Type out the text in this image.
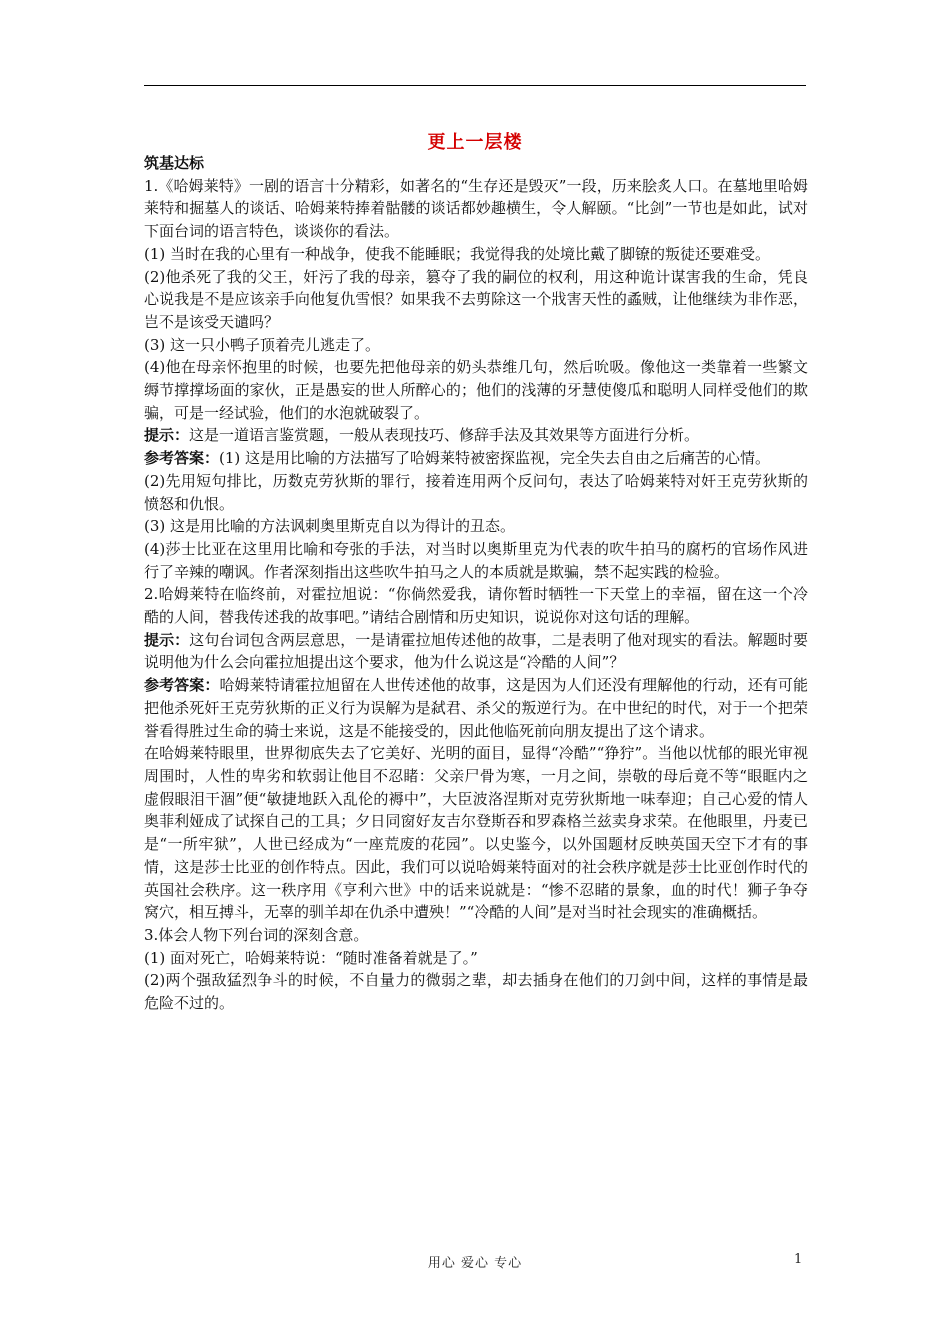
更上一层楼

筑基达标

1.《哈姆莱特》一剧的语言十分精彩，如著名的“生存还是毁灭”一段，历来脍炙人口。在墓地里哈姆莱特和掘墓人的谈话、哈姆莱特捧着骷髅的谈话都妙趣横生，令人解颐。“比剑”一节也是如此，试对下面台词的语言特色，谈谈你的看法。

(1) 当时在我的心里有一种战争，使我不能睡眠；我觉得我的处境比戴了脚镣的叛徒还要难受。

(2)他杀死了我的父王，奸污了我的母亲，篡夺了我的嗣位的权利，用这种诡计谋害我的生命，凭良心说我是不是应该亲手向他复仇雪恨？如果我不去剪除这一个戕害天性的蟊贼，让他继续为非作恶，岂不是该受天谴吗？

(3) 这一只小鸭子顶着壳儿逃走了。

(4)他在母亲怀抱里的时候，也要先把他母亲的奶头恭维几句，然后吮吸。像他这一类靠着一些繁文缛节撑撑场面的家伙，正是愚妄的世人所醉心的；他们的浅薄的牙慧使傻瓜和聪明人同样受他们的欺骗，可是一经试验，他们的水泡就破裂了。

提示：这是一道语言鉴赏题，一般从表现技巧、修辞手法及其效果等方面进行分析。

参考答案：(1) 这是用比喻的方法描写了哈姆莱特被密探监视，完全失去自由之后痛苦的心情。

(2)先用短句排比，历数克劳狄斯的罪行，接着连用两个反问句，表达了哈姆莱特对奸王克劳狄斯的愤怒和仇恨。

(3) 这是用比喻的方法讽刺奥里斯克自以为得计的丑态。

(4)莎士比亚在这里用比喻和夸张的手法，对当时以奥斯里克为代表的吹牛拍马的腐朽的官场作风进行了辛辣的嘲讽。作者深刻指出这些吹牛拍马之人的本质就是欺骗，禁不起实践的检验。

2.哈姆莱特在临终前，对霍拉旭说：“你倘然爱我，请你暂时牺牲一下天堂上的幸福，留在这一个冷酷的人间，替我传述我的故事吧。”请结合剧情和历史知识，说说你对这句话的理解。

提示：这句台词包含两层意思，一是请霍拉旭传述他的故事，二是表明了他对现实的看法。解题时要说明他为什么会向霍拉旭提出这个要求，他为什么说这是“冷酷的人间”？

参考答案：哈姆莱特请霍拉旭留在人世传述他的故事，这是因为人们还没有理解他的行动，还有可能把他杀死奸王克劳狄斯的正义行为误解为是弑君、杀父的叛逆行为。在中世纪的时代，对于一个把荣誉看得胜过生命的骑士来说，这是不能接受的，因此他临死前向朋友提出了这个请求。

在哈姆莱特眼里，世界彻底失去了它美好、光明的面目，显得“冷酷”“狰狞”。当他以忧郁的眼光审视周围时，人性的卑劣和软弱让他目不忍睹：父亲尸骨为寒，一月之间，崇敬的母后竟不等“眼眶内之虚假眼泪干涸”便“敏捷地跃入乱伦的褥中”，大臣波洛涅斯对克劳狄斯地一味奉迎；自己心爱的情人奥菲利娅成了试探自己的工具；夕日同窗好友吉尔登斯吞和罗森格兰兹卖身求荣。在他眼里，丹麦已是“一所牢狱”，人世已经成为“一座荒废的花园”。以史鉴今，以外国题材反映英国天空下才有的事情，这是莎士比亚的创作特点。因此，我们可以说哈姆莱特面对的社会秩序就是莎士比亚创作时代的英国社会秩序。这一秩序用《亨利六世》中的话来说就是：“惨不忍睹的景象，血的时代！狮子争夺窝穴，相互搏斗，无辜的驯羊却在仇杀中遭殃！”“冷酷的人间”是对当时社会现实的准确概括。

3.体会人物下列台词的深刻含意。

(1) 面对死亡，哈姆莱特说：“随时准备着就是了。”

(2)两个强敌猛烈争斗的时候，不自量力的微弱之辈，却去插身在他们的刀剑中间，这样的事情是最危险不过的。

用心 爱心 专心	1
